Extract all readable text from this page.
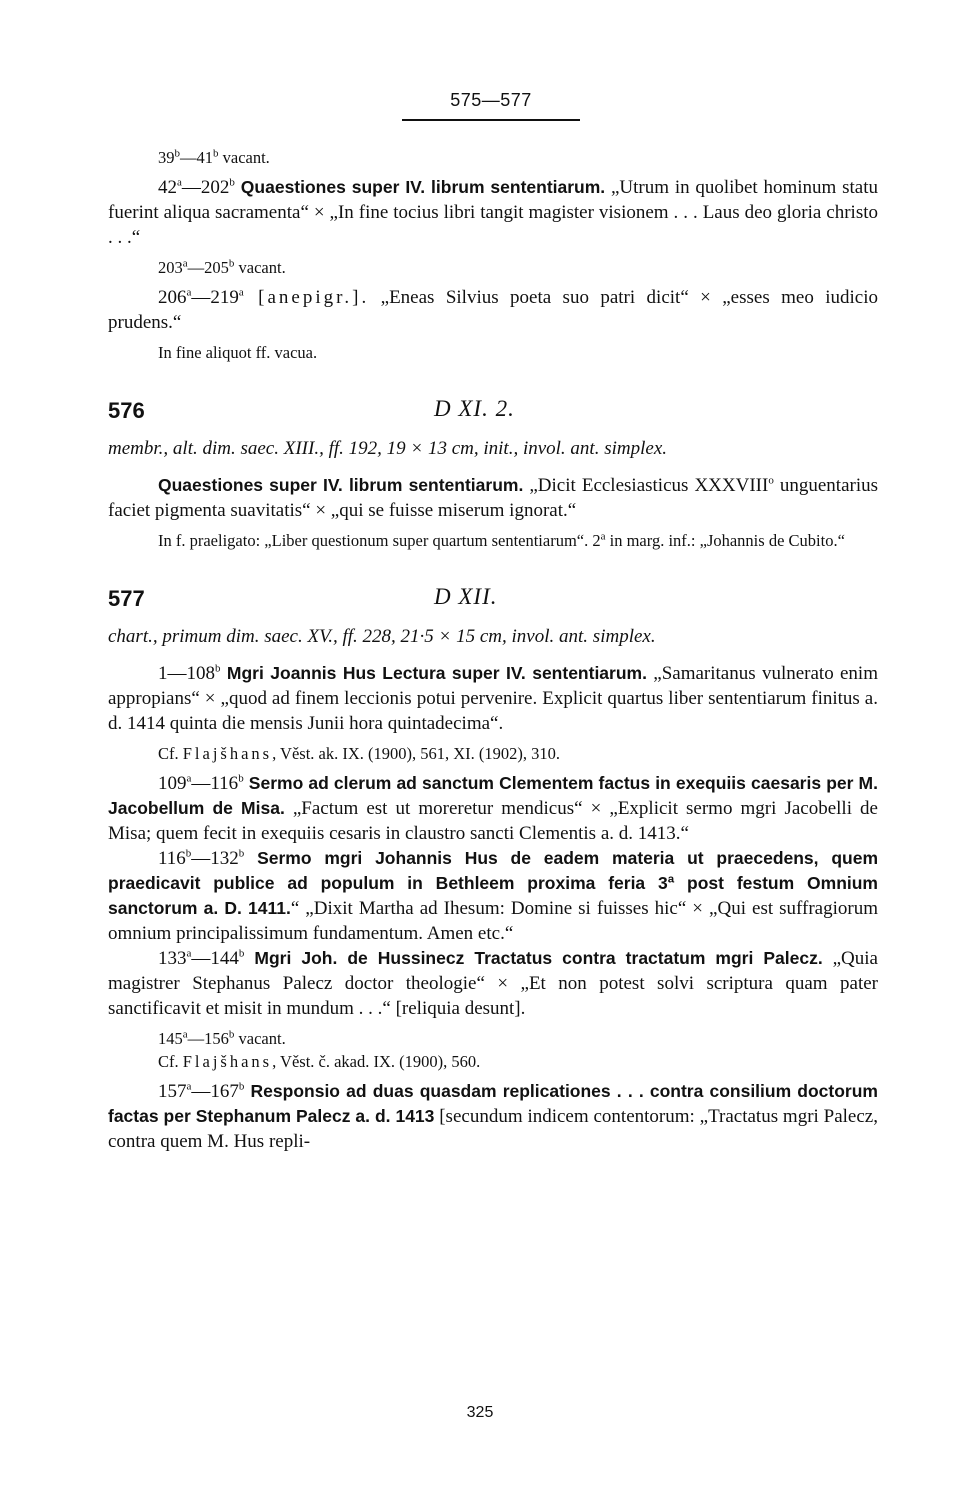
575—577

39$^b$—41$^b$ vacant.

42$^a$—202$^b$ Quaestiones super IV. librum sententiarum. „Utrum in quolibet hominum statu fuerint aliqua sacramenta“ × „In fine tocius libri tangit magister visionem . . . Laus deo gloria christo . . .“

203$^a$—205$^b$ vacant.

206$^a$—219$^a$ [anepigr.]. „Eneas Silvius poeta suo patri dicit“ × „esses meo iudicio prudens.“

In fine aliquot ff. vacua.

576	D XI. 2.

membr., alt. dim. saec. XIII., ff. 192, 19 × 13 cm, init., invol. ant. simplex.

Quaestiones super IV. librum sententiarum. „Dicit Ecclesiasticus XXXVIII$^o$ unguentarius faciet pigmenta suavitatis“ × „qui se fuisse miserum ignorat.“

In f. praeligato: „Liber questionum super quartum sententiarum“. 2$^a$ in marg. inf.: „Johannis de Cubito.“

577	D XII.

chart., primum dim. saec. XV., ff. 228, 21·5 × 15 cm, invol. ant. simplex.

1—108$^b$ Mgri Joannis Hus Lectura super IV. sententiarum. „Samaritanus vulnerato enim appropians“ × „quod ad finem leccionis potui pervenire. Explicit quartus liber sententiarum finitus a. d. 1414 quinta die mensis Junii hora quintadecima“.

Cf. Flajšhans, Věst. ak. IX. (1900), 561, XI. (1902), 310.

109$^a$—116$^b$ Sermo ad clerum ad sanctum Clementem factus in exequiis caesaris per M. Jacobellum de Misa. „Factum est ut moreretur mendicus“ × „Explicit sermo mgri Jacobelli de Misa; quem fecit in exequiis cesaris in claustro sancti Clementis a. d. 1413.“

116$^b$—132$^b$ Sermo mgri Johannis Hus de eadem materia ut praecedens, quem praedicavit publice ad populum in Bethleem proxima feria 3ª post festum Omnium sanctorum a. D. 1411.“ „Dixit Martha ad Ihesum: Domine si fuisses hic“ × „Qui est suffragiorum omnium principalissimum fundamentum. Amen etc.“

133$^a$—144$^b$ Mgri Joh. de Hussinecz Tractatus contra tractatum mgri Palecz. „Quia magistrer Stephanus Palecz doctor theologie“ × „Et non potest solvi scriptura quam pater sanctificavit et misit in mundum . . .“ [reliquia desunt].

145$^a$—156$^b$ vacant.

Cf. Flajšhans, Věst. č. akad. IX. (1900), 560.

157$^a$—167$^b$ Responsio ad duas quasdam replicationes . . . contra consilium doctorum factas per Stephanum Palecz a. d. 1413 [secundum indicem contentorum: „Tractatus mgri Palecz, contra quem M. Hus repli-

325
